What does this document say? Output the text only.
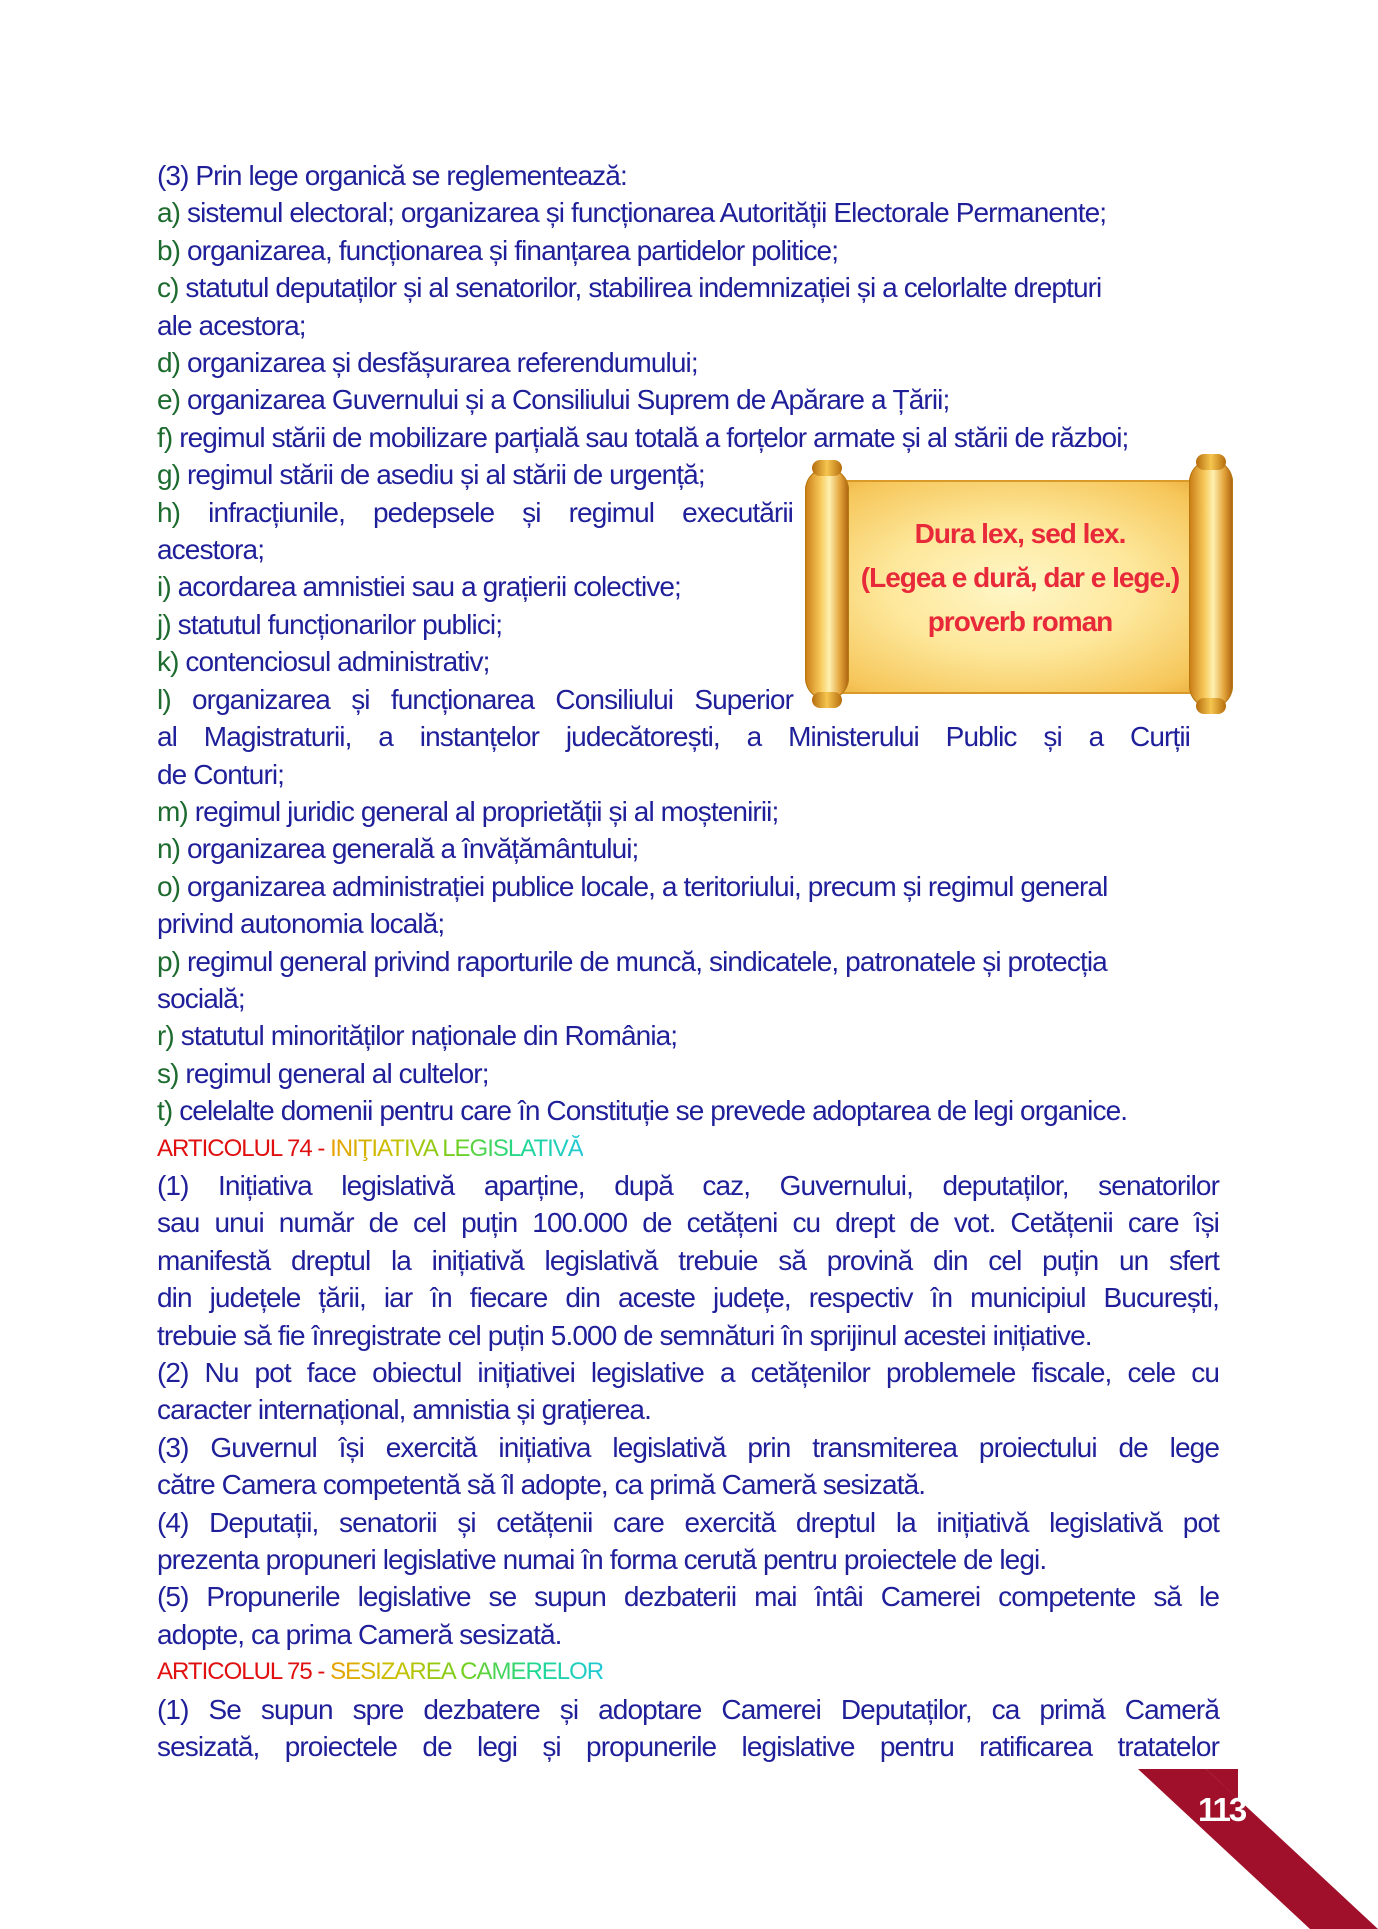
(3) Prin lege organică se reglementează:
a) sistemul electoral; organizarea și funcționarea Autorității Electorale Permanente;
b) organizarea, funcționarea și finanțarea partidelor politice;
c) statutul deputaților și al senatorilor, stabilirea indemnizației și a celorlalte drepturi
ale acestora;
d) organizarea și desfășurarea referendumului;
e) organizarea Guvernului și a Consiliului Suprem de Apărare a Țării;
f) regimul stării de mobilizare parțială sau totală a forțelor armate și al stării de război;
g) regimul stării de asediu și al stării de urgență;
h) infracțiunile, pedepsele și regimul executării
acestora;
i) acordarea amnistiei sau a grațierii colective;
j) statutul funcționarilor publici;
k) contenciosul administrativ;
l) organizarea și funcționarea Consiliului Superior
al Magistraturii, a instanțelor judecătorești, a Ministerului Public și a Curții
de Conturi;
m) regimul juridic general al proprietății și al moștenirii;
n) organizarea generală a învățământului;
o) organizarea administrației publice locale, a teritoriului, precum și regimul general
privind autonomia locală;
p) regimul general privind raporturile de muncă, sindicatele, patronatele și protecția
socială;
r) statutul minorităților naționale din România;
s) regimul general al cultelor;
t) celelalte domenii pentru care în Constituție se prevede adoptarea de legi organice.
ARTICOLUL 74 - INIŢIATIVA LEGISLATIVĂ
(1) Inițiativa legislativă aparține, după caz, Guvernului, deputaților, senatorilor
sau unui număr de cel puțin 100.000 de cetățeni cu drept de vot. Cetățenii care își
manifestă dreptul la inițiativă legislativă trebuie să provină din cel puțin un sfert
din județele țării, iar în fiecare din aceste județe, respectiv în municipiul București,
trebuie să fie înregistrate cel puțin 5.000 de semnături în sprijinul acestei inițiative.
(2) Nu pot face obiectul inițiativei legislative a cetățenilor problemele fiscale, cele cu
caracter internațional, amnistia și grațierea.
(3) Guvernul își exercită inițiativa legislativă prin transmiterea proiectului de lege
către Camera competentă să îl adopte, ca primă Cameră sesizată.
(4) Deputații, senatorii și cetățenii care exercită dreptul la inițiativă legislativă pot
prezenta propuneri legislative numai în forma cerută pentru proiectele de legi.
(5) Propunerile legislative se supun dezbaterii mai întâi Camerei competente să le
adopte, ca prima Cameră sesizată.
ARTICOLUL 75 - SESIZAREA CAMERELOR
(1) Se supun spre dezbatere și adoptare Camerei Deputaților, ca primă Cameră
sesizată, proiectele de legi și propunerile legislative pentru ratificarea tratatelor
Dura lex, sed lex.
(Legea e dură, dar e lege.)
proverb roman
113
